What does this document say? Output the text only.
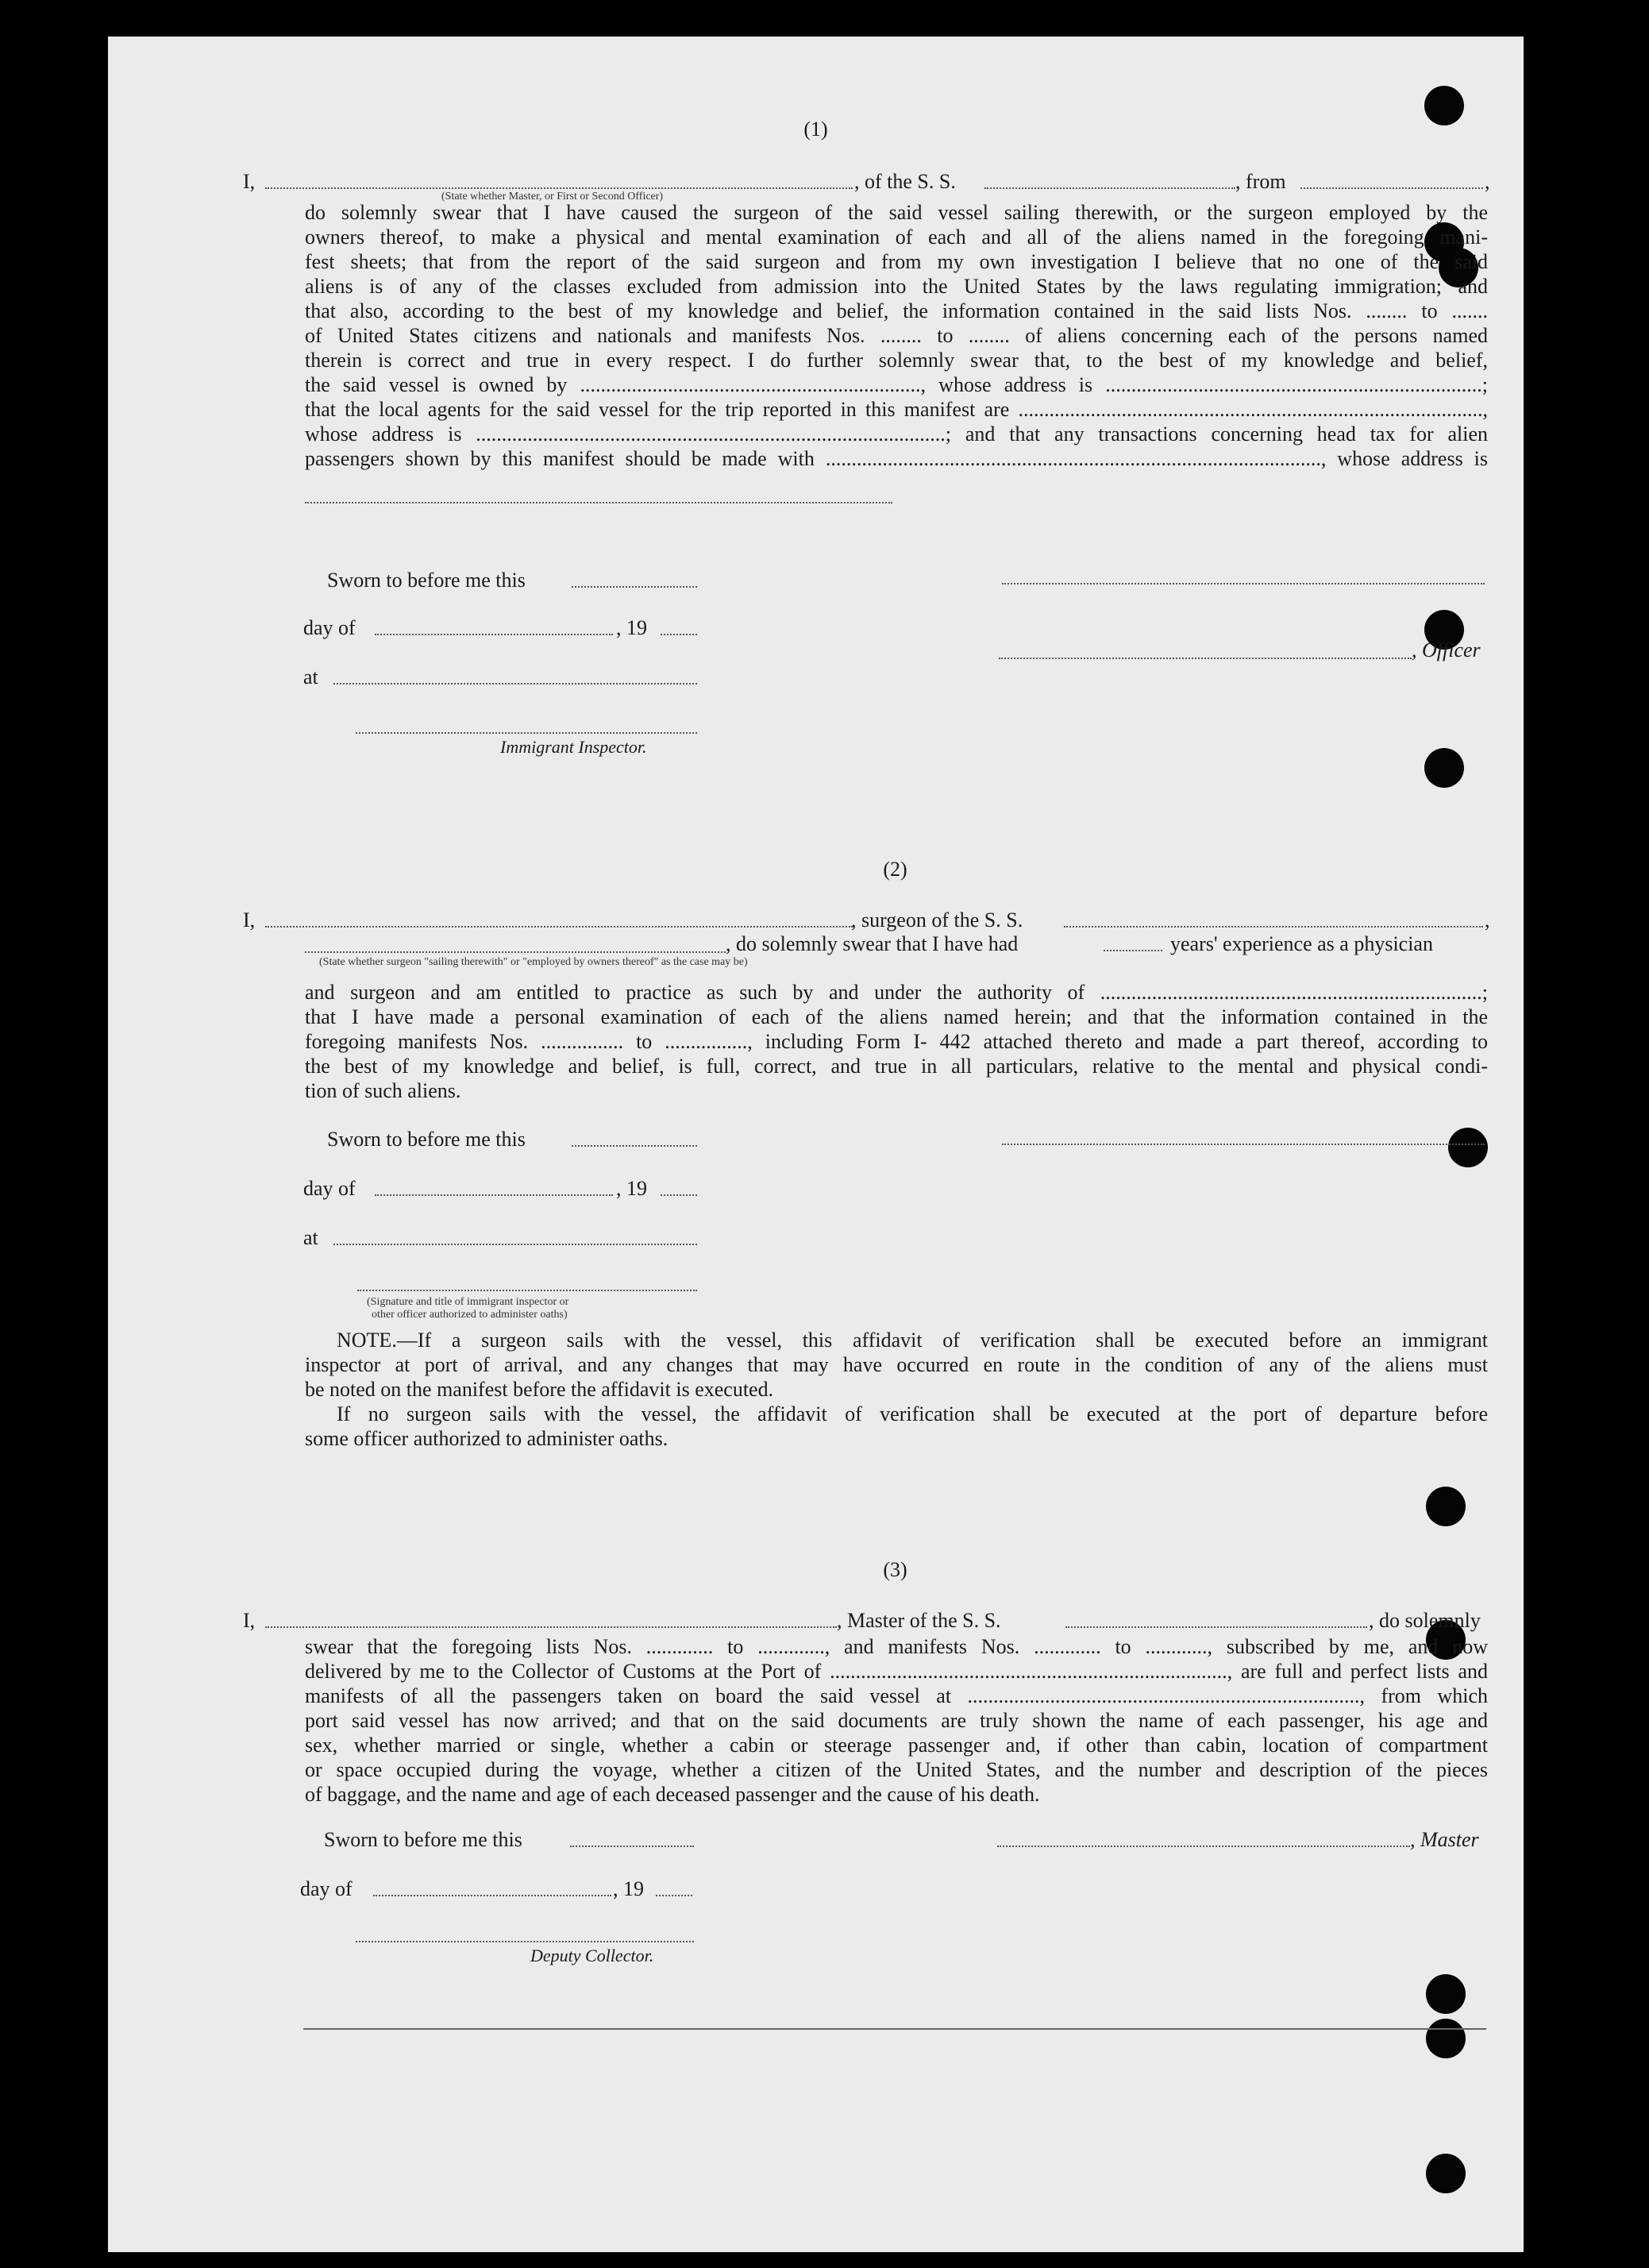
(1)
I,	, of the S. S.	, from	,
(State whether Master, or First or Second Officer)
do solemnly swear that I have caused the surgeon of the said vessel sailing therewith, or the surgeon employed by the
owners thereof, to make a physical and mental examination of each and all of the aliens named in the foregoing mani-
fest sheets; that from the report of the said surgeon and from my own investigation I believe that no one of the said
aliens is of any of the classes excluded from admission into the United States by the laws regulating immigration; and
that also, according to the best of my knowledge and belief, the information contained in the said lists Nos. ........ to .......
of United States citizens and nationals and manifests Nos. ........ to ........ of aliens concerning each of the persons named
therein is correct and true in every respect. I do further solemnly swear that, to the best of my knowledge and belief,
the said vessel is owned by .................................................................., whose address is .........................................................................;
that the local agents for the said vessel for the trip reported in this manifest are ..........................................................................................,
whose address is ...........................................................................................; and that any transactions concerning head tax for alien
passengers shown by this manifest should be made with ................................................................................................, whose address is
Sworn to before me this
day of	, 19
, Officer
at
Immigrant Inspector.
(2)
I,	, surgeon of the S. S.	,
, do solemnly swear that I have had	years' experience as a physician
(State whether surgeon "sailing therewith" or "employed by owners thereof" as the case may be)
and surgeon and am entitled to practice as such by and under the authority of ..........................................................................;
that I have made a personal examination of each of the aliens named herein; and that the information contained in the
foregoing manifests Nos. ................ to ................, including Form I- 442 attached thereto and made a part thereof, according to
the best of my knowledge and belief, is full, correct, and true in all particulars, relative to the mental and physical condi-
tion of such aliens.
Sworn to before me this
day of	, 19
at
(Signature and title of immigrant inspector or
other officer authorized to administer oaths)
NOTE.—If a surgeon sails with the vessel, this affidavit of verification shall be executed before an immigrant
inspector at port of arrival, and any changes that may have occurred en route in the condition of any of the aliens must
be noted on the manifest before the affidavit is executed.
If no surgeon sails with the vessel, the affidavit of verification shall be executed at the port of departure before
some officer authorized to administer oaths.
(3)
I,	, Master of the S. S.	, do solemnly
swear that the foregoing lists Nos. ............. to ............., and manifests Nos. ............. to ............, subscribed by me, and now
delivered by me to the Collector of Customs at the Port of ............................................................................., are full and perfect lists and
manifests of all the passengers taken on board the said vessel at ............................................................................, from which
port said vessel has now arrived; and that on the said documents are truly shown the name of each passenger, his age and
sex, whether married or single, whether a cabin or steerage passenger and, if other than cabin, location of compartment
or space occupied during the voyage, whether a citizen of the United States, and the number and description of the pieces
of baggage, and the name and age of each deceased passenger and the cause of his death.
Sworn to before me this	, Master
day of	, 19
Deputy Collector.
